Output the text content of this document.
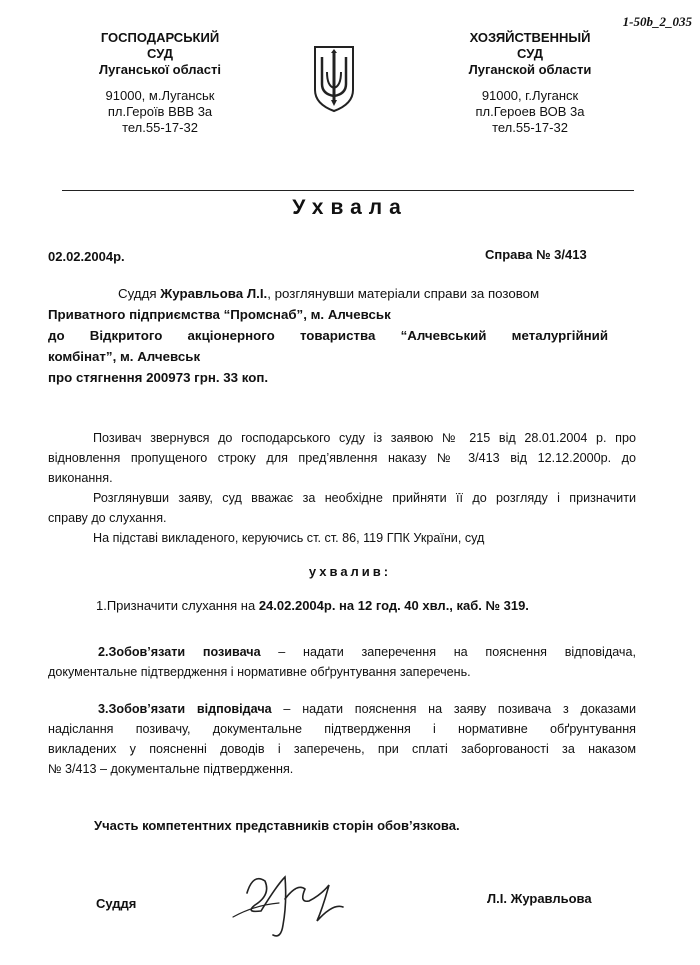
1-50b_2_035
ГОСПОДАРСЬКИЙ
СУД
Луганської області
91000, м.Луганськ
пл.Героїв ВВВ 3а
тел.55-17-32
ХОЗЯЙСТВЕННЫЙ
СУД
Луганской области
91000, г.Луганск
пл.Героев ВОВ 3а
тел.55-17-32
Ухвала
02.02.2004р.	Справа № 3/413

Суддя Журавльова Л.І., розглянувши матеріали справи за позовом

Приватного підприємства “Промснаб”, м. Алчевськ

до Відкритого акціонерного товариства “Алчевський металургійний

комбінат”, м. Алчевськ

про стягнення 200973 грн. 33 коп.

Позивач звернувся до господарського суду із заявою № 215 від 28.01.2004 р. про

відновлення пропущеного строку для пред’явлення наказу № 3/413 від 12.12.2000р. до

виконання.

Розглянувши заяву, суд вважає за необхідне прийняти її до розгляду і призначити

справу до слухання.

На підставі викладеного, керуючись ст. ст. 86, 119 ГПК України, суд

ухвалив:
1.Призначити слухання на 24.02.2004р. на 12 год. 40 хвл., каб. № 319.

2.Зобов’язати позивача – надати заперечення на пояснення відповідача,

документальне підтвердження і нормативне обґрунтування заперечень.

3.Зобов’язати відповідача – надати пояснення на заяву позивача з доказами

надіслання позивачу, документальне підтвердження і нормативне обґрунтування

викладених у поясненні доводів і заперечень, при сплаті заборгованості за наказом

№ 3/413 – документальне підтвердження.

Участь компетентних представників сторін обов’язкова.
Суддя	Л.І. Журавльова
